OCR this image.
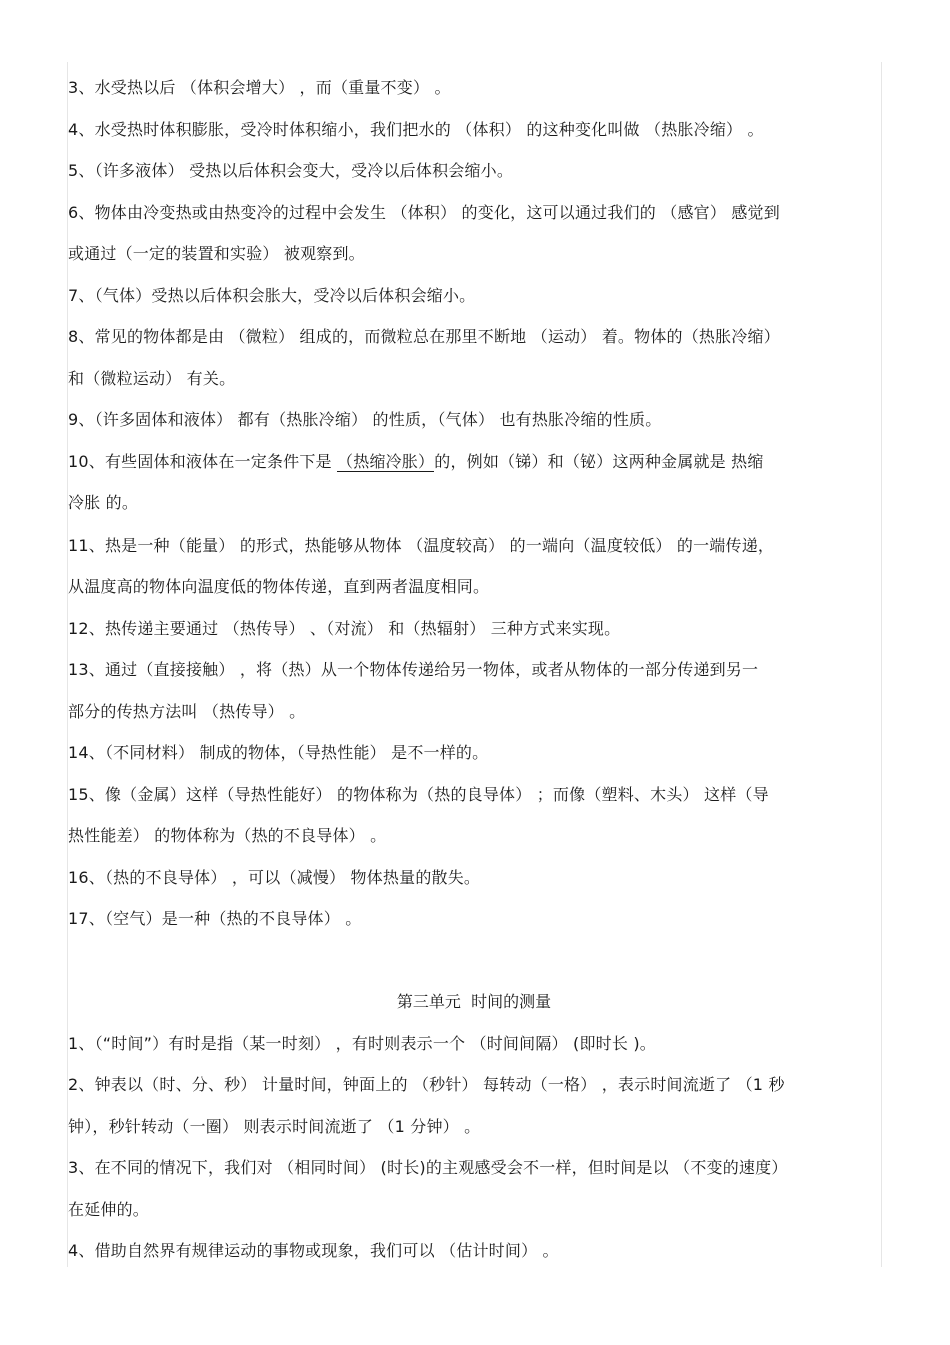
3、水受热以后 （体积会增大） ，而（重量不变） 。
4、水受热时体积膨胀，受冷时体积缩小，我们把水的 （体积） 的这种变化叫做 （热胀冷缩） 。
5、（许多液体） 受热以后体积会变大，受冷以后体积会缩小。
6、物体由冷变热或由热变冷的过程中会发生 （体积） 的变化，这可以通过我们的 （感官） 感觉到
或通过（一定的装置和实验） 被观察到。
7、（气体）受热以后体积会胀大，受冷以后体积会缩小。
8、常见的物体都是由 （微粒） 组成的，而微粒总在那里不断地 （运动） 着。物体的（热胀冷缩）
和（微粒运动） 有关。
9、（许多固体和液体） 都有（热胀冷缩） 的性质，（气体） 也有热胀冷缩的性质。
10、有些固体和液体在一定条件下是 （热缩冷胀）的，例如（锑）和（铋）这两种金属就是 热缩
冷胀 的。
11、热是一种（能量） 的形式，热能够从物体 （温度较高） 的一端向（温度较低） 的一端传递，
从温度高的物体向温度低的物体传递，直到两者温度相同。
12、热传递主要通过 （热传导） 、（对流） 和（热辐射） 三种方式来实现。
13、通过（直接接触） ，将（热）从一个物体传递给另一物体，或者从物体的一部分传递到另一
部分的传热方法叫 （热传导） 。
14、（不同材料） 制成的物体，（导热性能） 是不一样的。
15、像（金属）这样（导热性能好） 的物体称为（热的良导体） ；而像（塑料、木头） 这样（导
热性能差） 的物体称为（热的不良导体） 。
16、（热的不良导体） ，可以（减慢） 物体热量的散失。
17、（空气）是一种（热的不良导体） 。
第三单元  时间的测量
1、（“时间”）有时是指（某一时刻） ，有时则表示一个 （时间间隔） (即时长 )。
2、钟表以（时、分、秒） 计量时间，钟面上的 （秒针） 每转动（一格） ，表示时间流逝了 （1 秒
钟），秒针转动（一圈） 则表示时间流逝了 （1 分钟） 。
3、在不同的情况下，我们对 （相同时间） (时长)的主观感受会不一样，但时间是以 （不变的速度）
在延伸的。
4、借助自然界有规律运动的事物或现象，我们可以 （估计时间） 。
